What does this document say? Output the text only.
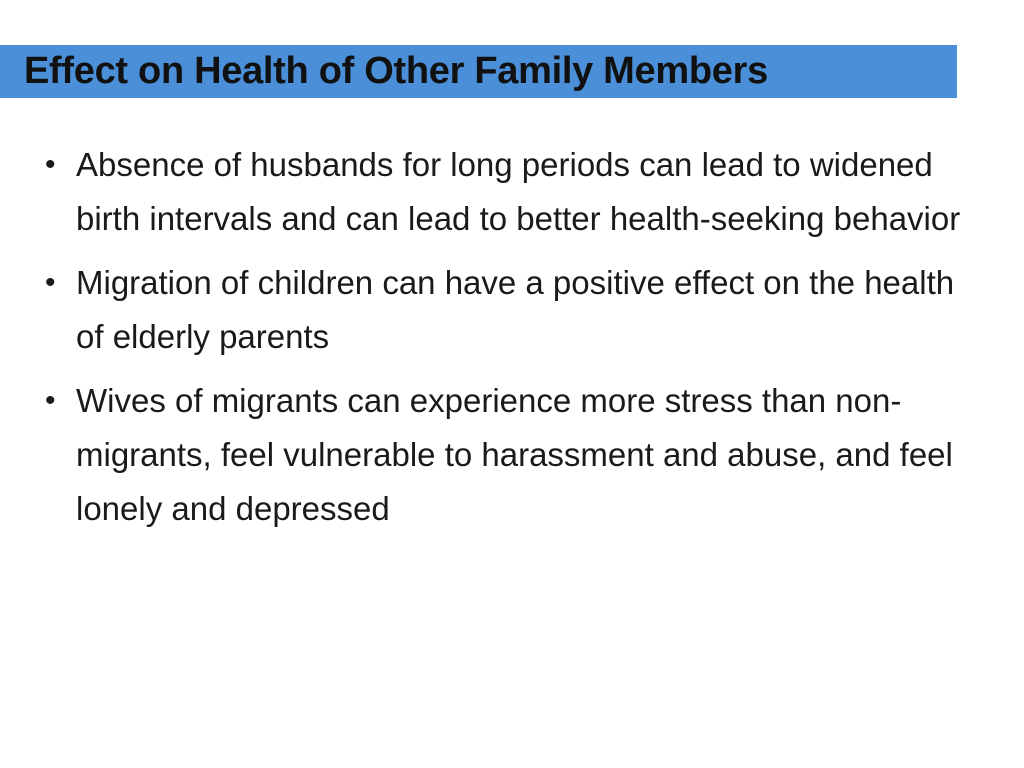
Effect on Health of Other Family Members
• Absence of husbands for long periods can lead to widened birth intervals and can lead to better health-seeking behavior
• Migration of children can have a positive effect on the health of elderly parents
• Wives of migrants can experience more stress than non-migrants, feel vulnerable to harassment and abuse, and feel lonely and depressed
